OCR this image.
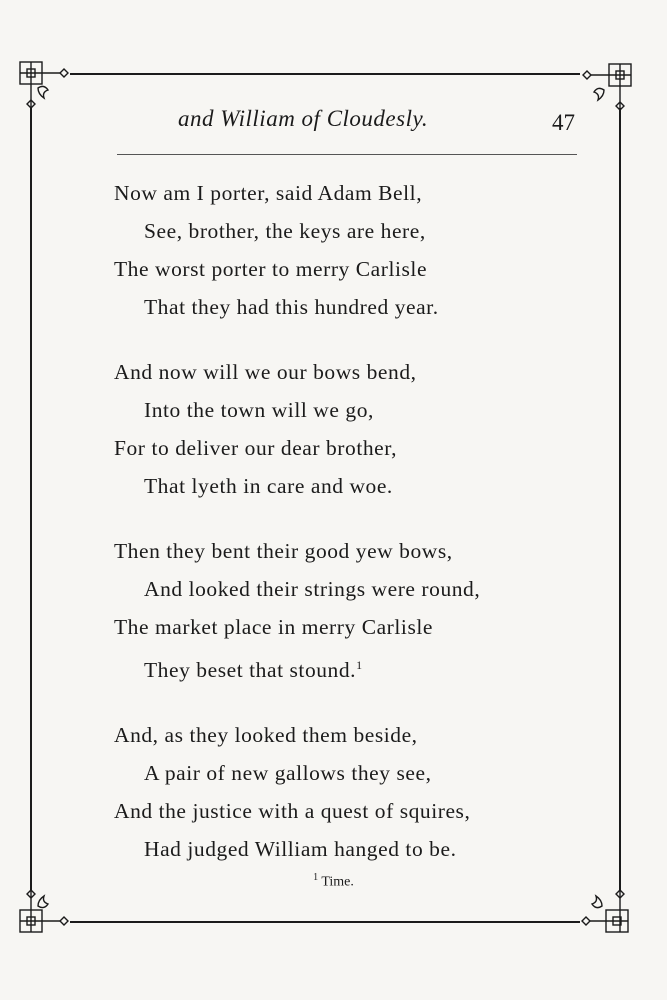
and William of Cloudesly.	47
Now am I porter, said Adam Bell,
See, brother, the keys are here,
The worst porter to merry Carlisle
That they had this hundred year.
And now will we our bows bend,
Into the town will we go,
For to deliver our dear brother,
That lyeth in care and woe.
Then they bent their good yew bows,
And looked their strings were round,
The market place in merry Carlisle
They beset that stound.$^1$
And, as they looked them beside,
A pair of new gallows they see,
And the justice with a quest of squires,
Had judged William hanged to be.
$^1$ Time.
